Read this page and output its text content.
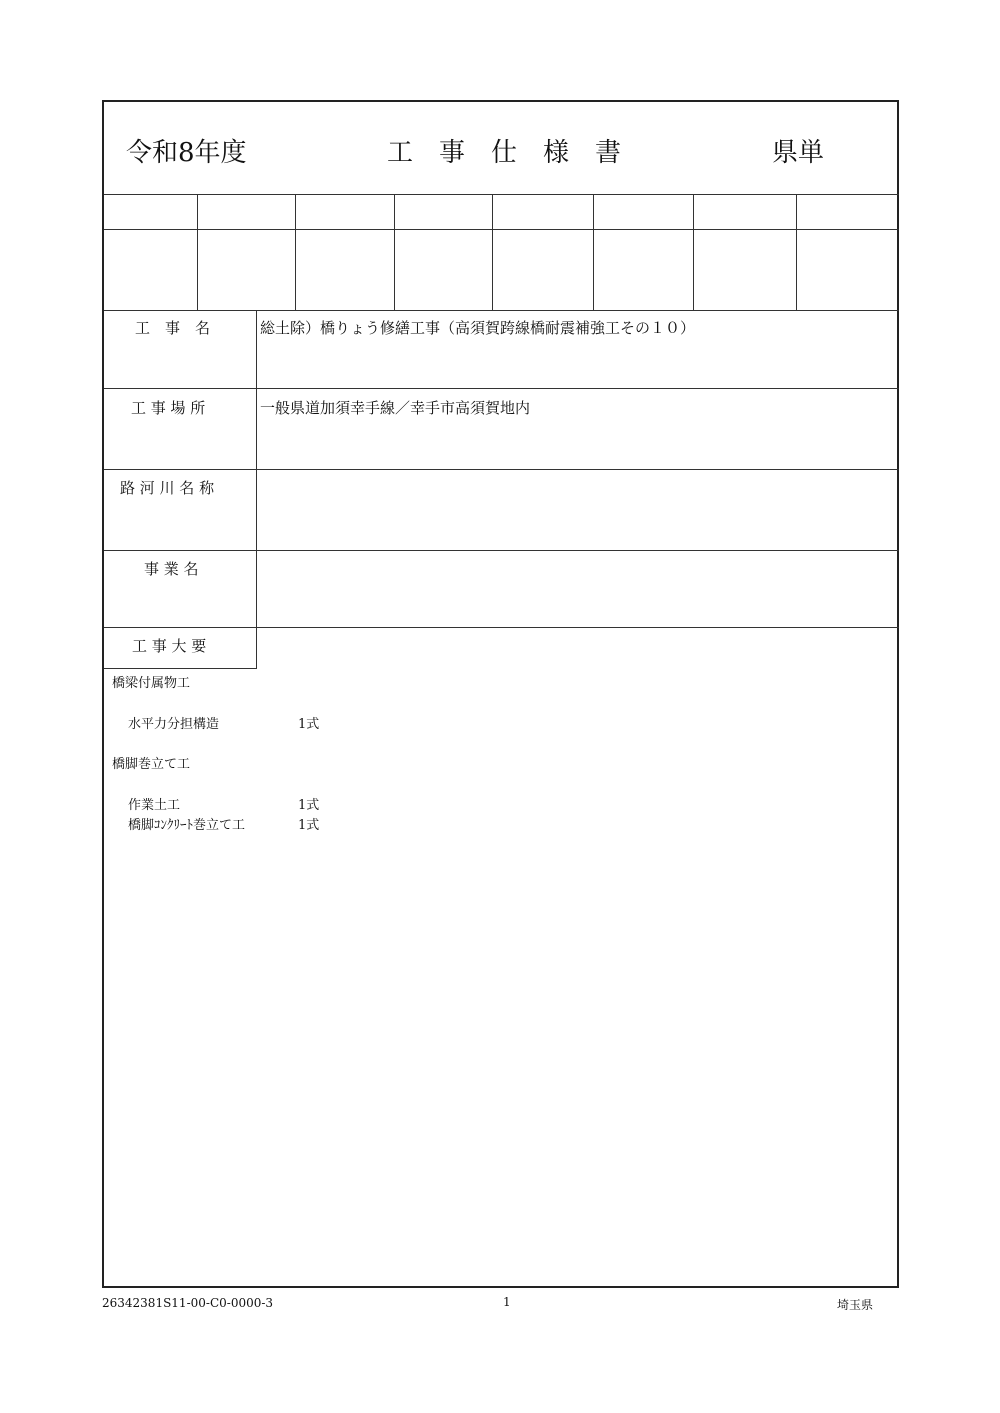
令和8年度	工　事　仕　様　書	県単
工　事　名	総土除）橋りょう修繕工事（高須賀跨線橋耐震補強工その１０）
工 事 場 所	一般県道加須幸手線／幸手市高須賀地内
路 河 川 名 称
事 業 名
工 事 大 要
橋梁付属物工
水平力分担構造	1式
橋脚巻立て工
作業土工	1式
橋脚ｺﾝｸﾘｰﾄ巻立て工	1式
26342381S11-00-C0-0000-3	1	埼玉県
